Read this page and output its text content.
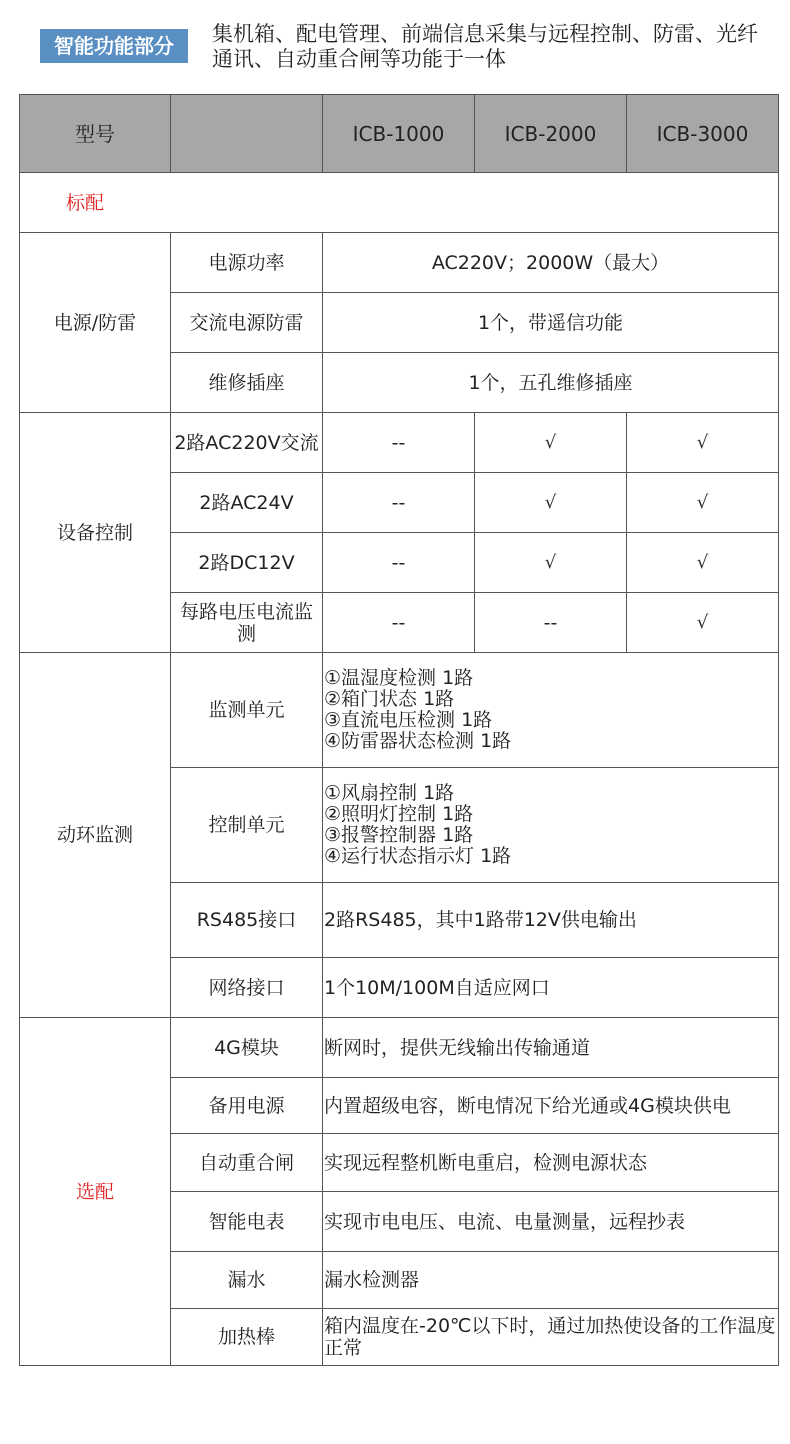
智能功能部分	集机箱、配电管理、前端信息采集与远程控制、防雷、光纤通讯、自动重合闸等功能于一体
型号		ICB-1000	ICB-2000	ICB-3000
标配				
电源/防雷	电源功率	AC220V；2000W（最大）		
	交流电源防雷	1个，带遥信功能		
	维修插座	1个，五孔维修插座		
设备控制	2路AC220V交流	--	√	√
	2路AC24V	--	√	√
	2路DC12V	--	√	√
	每路电压电流监测	--	--	√
动环监测	监测单元	①温湿度检测 1路
②箱门状态 1路
③直流电压检测 1路
④防雷器状态检测 1路		

	控制单元	①风扇控制 1路
②照明灯控制 1路
③报警控制器 1路
④运行状态指示灯 1路		

	RS485接口	2路RS485，其中1路带12V供电输出		
	网络接口	1个10M/100M自适应网口		
选配	4G模块	断网时，提供无线输出传输通道		
	备用电源	内置超级电容，断电情况下给光通或4G模块供电		
	自动重合闸	实现远程整机断电重启，检测电源状态		
	智能电表	实现市电电压、电流、电量测量，远程抄表		
	漏水	漏水检测器		
	加热棒	箱内温度在-20℃以下时，通过加热使设备的工作温度正常		
